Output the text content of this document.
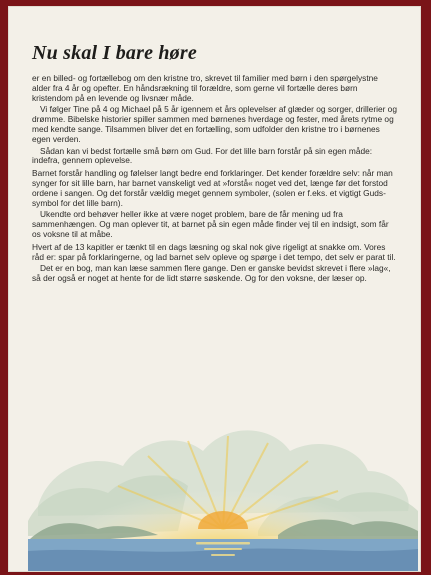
Nu skal I bare høre

er en billed- og fortællebog om den kristne tro, skrevet til familier med børn i den spørgelystne alder fra 4 år og opefter. En håndsrækning til forældre, som gerne vil fortælle deres børn kristendom på en levende og livsnær måde.

Vi følger Tine på 4 og Michael på 5 år igennem et års oplevelser af glæder og sorger, drillerier og drømme. Bibelske historier spiller sammen med børnenes hverdage og fester, med årets rytme og med kendte sange. Tilsammen bliver det en fortælling, som udfolder den kristne tro i børnenes egen verden.

Sådan kan vi bedst fortælle små børn om Gud. For det lille barn forstår på sin egen måde: indefra, gennem oplevelse.

Barnet forstår handling og følelser langt bedre end forklaringer. Det kender forældre selv: når man synger for sit lille barn, har barnet vanskeligt ved at »forstå« noget ved det, længe før det forstod ordene i sangen. Og det forstår vældig meget gennem symboler, (solen er f.eks. et vigtigt Guds-symbol for det lille barn).

Ukendte ord behøver heller ikke at være noget problem, bare de får mening ud fra sammenhængen. Og man oplever tit, at barnet på sin egen måde finder vej til en indsigt, som får os voksne til at måbe.

Hvert af de 13 kapitler er tænkt til en dags læsning og skal nok give rigeligt at snakke om. Vores råd er: spar på forklaringerne, og lad barnet selv opleve og spørge i det tempo, det selv er parat til.

Det er en bog, man kan læse sammen flere gange. Den er ganske bevidst skrevet i flere »lag«, så der også er noget at hente for de lidt større søskende. Og for den voksne, der læser op.
